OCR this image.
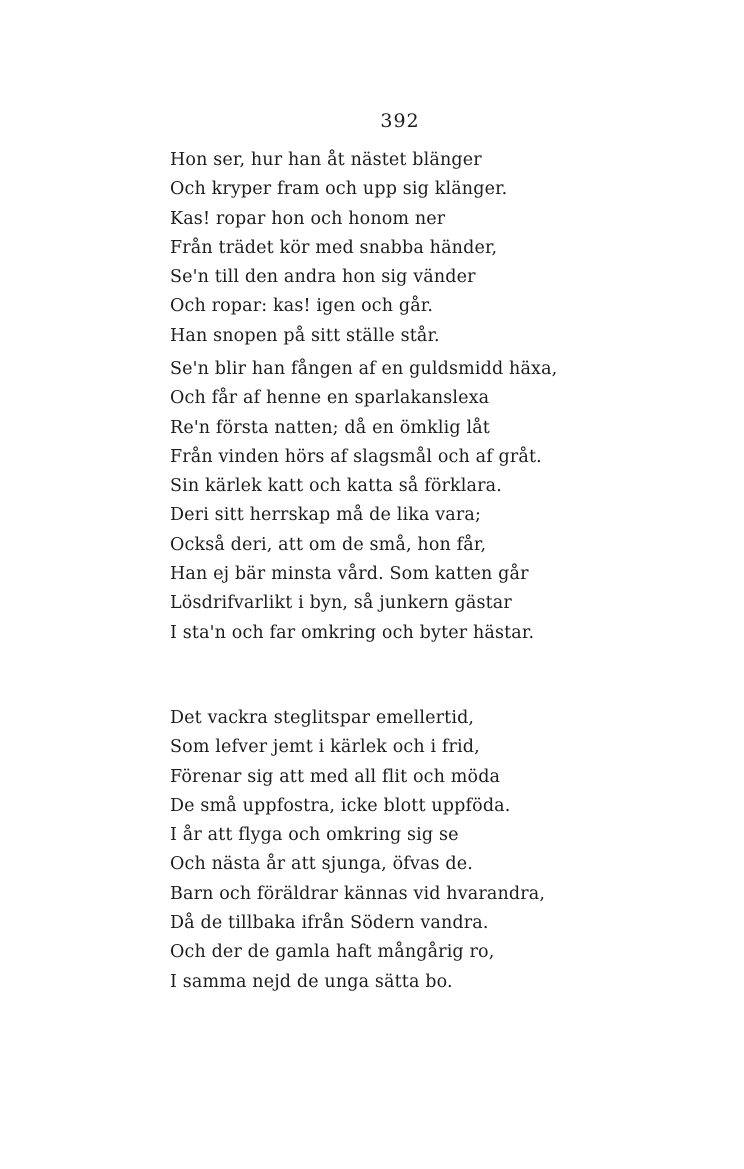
392
Hon ser, hur han åt nästet blänger
Och kryper fram och upp sig klänger.
Kas! ropar hon och honom ner
Från trädet kör med snabba händer,
Se'n till den andra hon sig vänder
Och ropar: kas! igen och går.
Han snopen på sitt ställe står.
Se'n blir han fången af en guldsmidd häxa,
Och får af henne en sparlakanslexa
Re'n första natten; då en ömklig låt
Från vinden hörs af slagsmål och af gråt.
Sin kärlek katt och katta så förklara.
Deri sitt herrskap må de lika vara;
Också deri, att om de små, hon får,
Han ej bär minsta vård. Som katten går
Lösdrifvarlikt i byn, så junkern gästar
I sta'n och far omkring och byter hästar.
Det vackra steglitspar emellertid,
Som lefver jemt i kärlek och i frid,
Förenar sig att med all flit och möda
De små uppfostra, icke blott uppföda.
I år att flyga och omkring sig se
Och nästa år att sjunga, öfvas de.
Barn och föräldrar kännas vid hvarandra,
Då de tillbaka ifrån Södern vandra.
Och der de gamla haft mångårig ro,
I samma nejd de unga sätta bo.
